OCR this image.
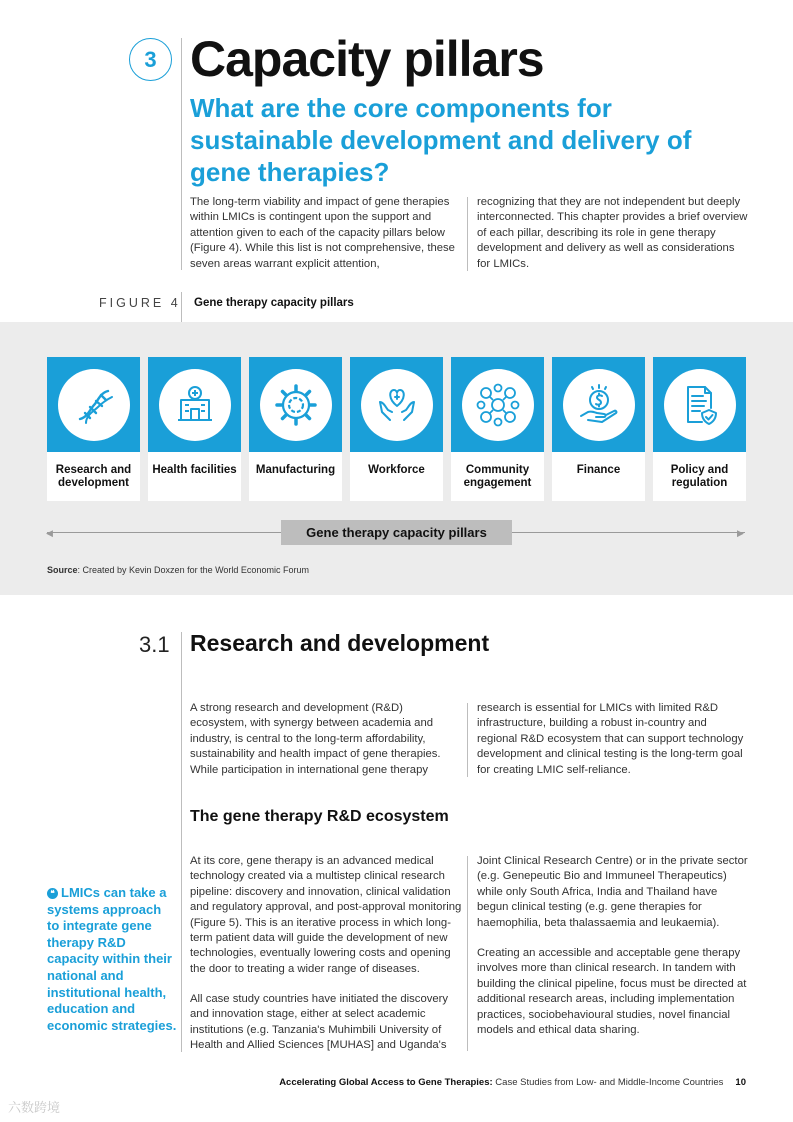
3 Capacity pillars
What are the core components for sustainable development and delivery of gene therapies?

The long-term viability and impact of gene therapies within LMICs is contingent upon the support and attention given to each of the capacity pillars below (Figure 4). While this list is not comprehensive, these seven areas warrant explicit attention,

recognizing that they are not independent but deeply interconnected. This chapter provides a brief overview of each pillar, describing its role in gene therapy development and delivery as well as considerations for LMICs.

FIGURE 4 Gene therapy capacity pillars
Research and development
Health facilities	Manufacturing	Workforce	Community engagement
Finance	Policy and regulation
◀	▶
Gene therapy capacity pillars
Source: Created by Kevin Doxzen for the World Economic Forum
3.1 Research and development

A strong research and development (R&D) ecosystem, with synergy between academia and industry, is central to the long-term affordability, sustainability and health impact of gene therapies. While participation in international gene therapy

research is essential for LMICs with limited R&D infrastructure, building a robust in-country and regional R&D ecosystem that can support technology development and clinical testing is the long-term goal for creating LMIC self-reliance.

The gene therapy R&D ecosystem

At its core, gene therapy is an advanced medical technology created via a multistep clinical research pipeline: discovery and innovation, clinical validation and regulatory approval, and post-approval monitoring (Figure 5). This is an iterative process in which long-term patient data will guide the development of new technologies, eventually lowering costs and opening the door to treating a wider range of diseases.

All case study countries have initiated the discovery and innovation stage, either at select academic institutions (e.g. Tanzania's Muhimbili University of Health and Allied Sciences [MUHAS] and Uganda's

Joint Clinical Research Centre) or in the private sector (e.g. Genepeutic Bio and Immuneel Therapeutics) while only South Africa, India and Thailand have begun clinical testing (e.g. gene therapies for haemophilia, beta thalassaemia and leukaemia).

Creating an accessible and acceptable gene therapy involves more than clinical research. In tandem with building the clinical pipeline, focus must be directed at additional research areas, including implementation practices, sociobehavioural studies, novel financial models and ethical data sharing.

❝ LMICs can take a systems approach to integrate gene therapy R&D capacity within their national and institutional health, education and economic strategies.
Accelerating Global Access to Gene Therapies: Case Studies from Low- and Middle-Income Countries 10
六数跨境
